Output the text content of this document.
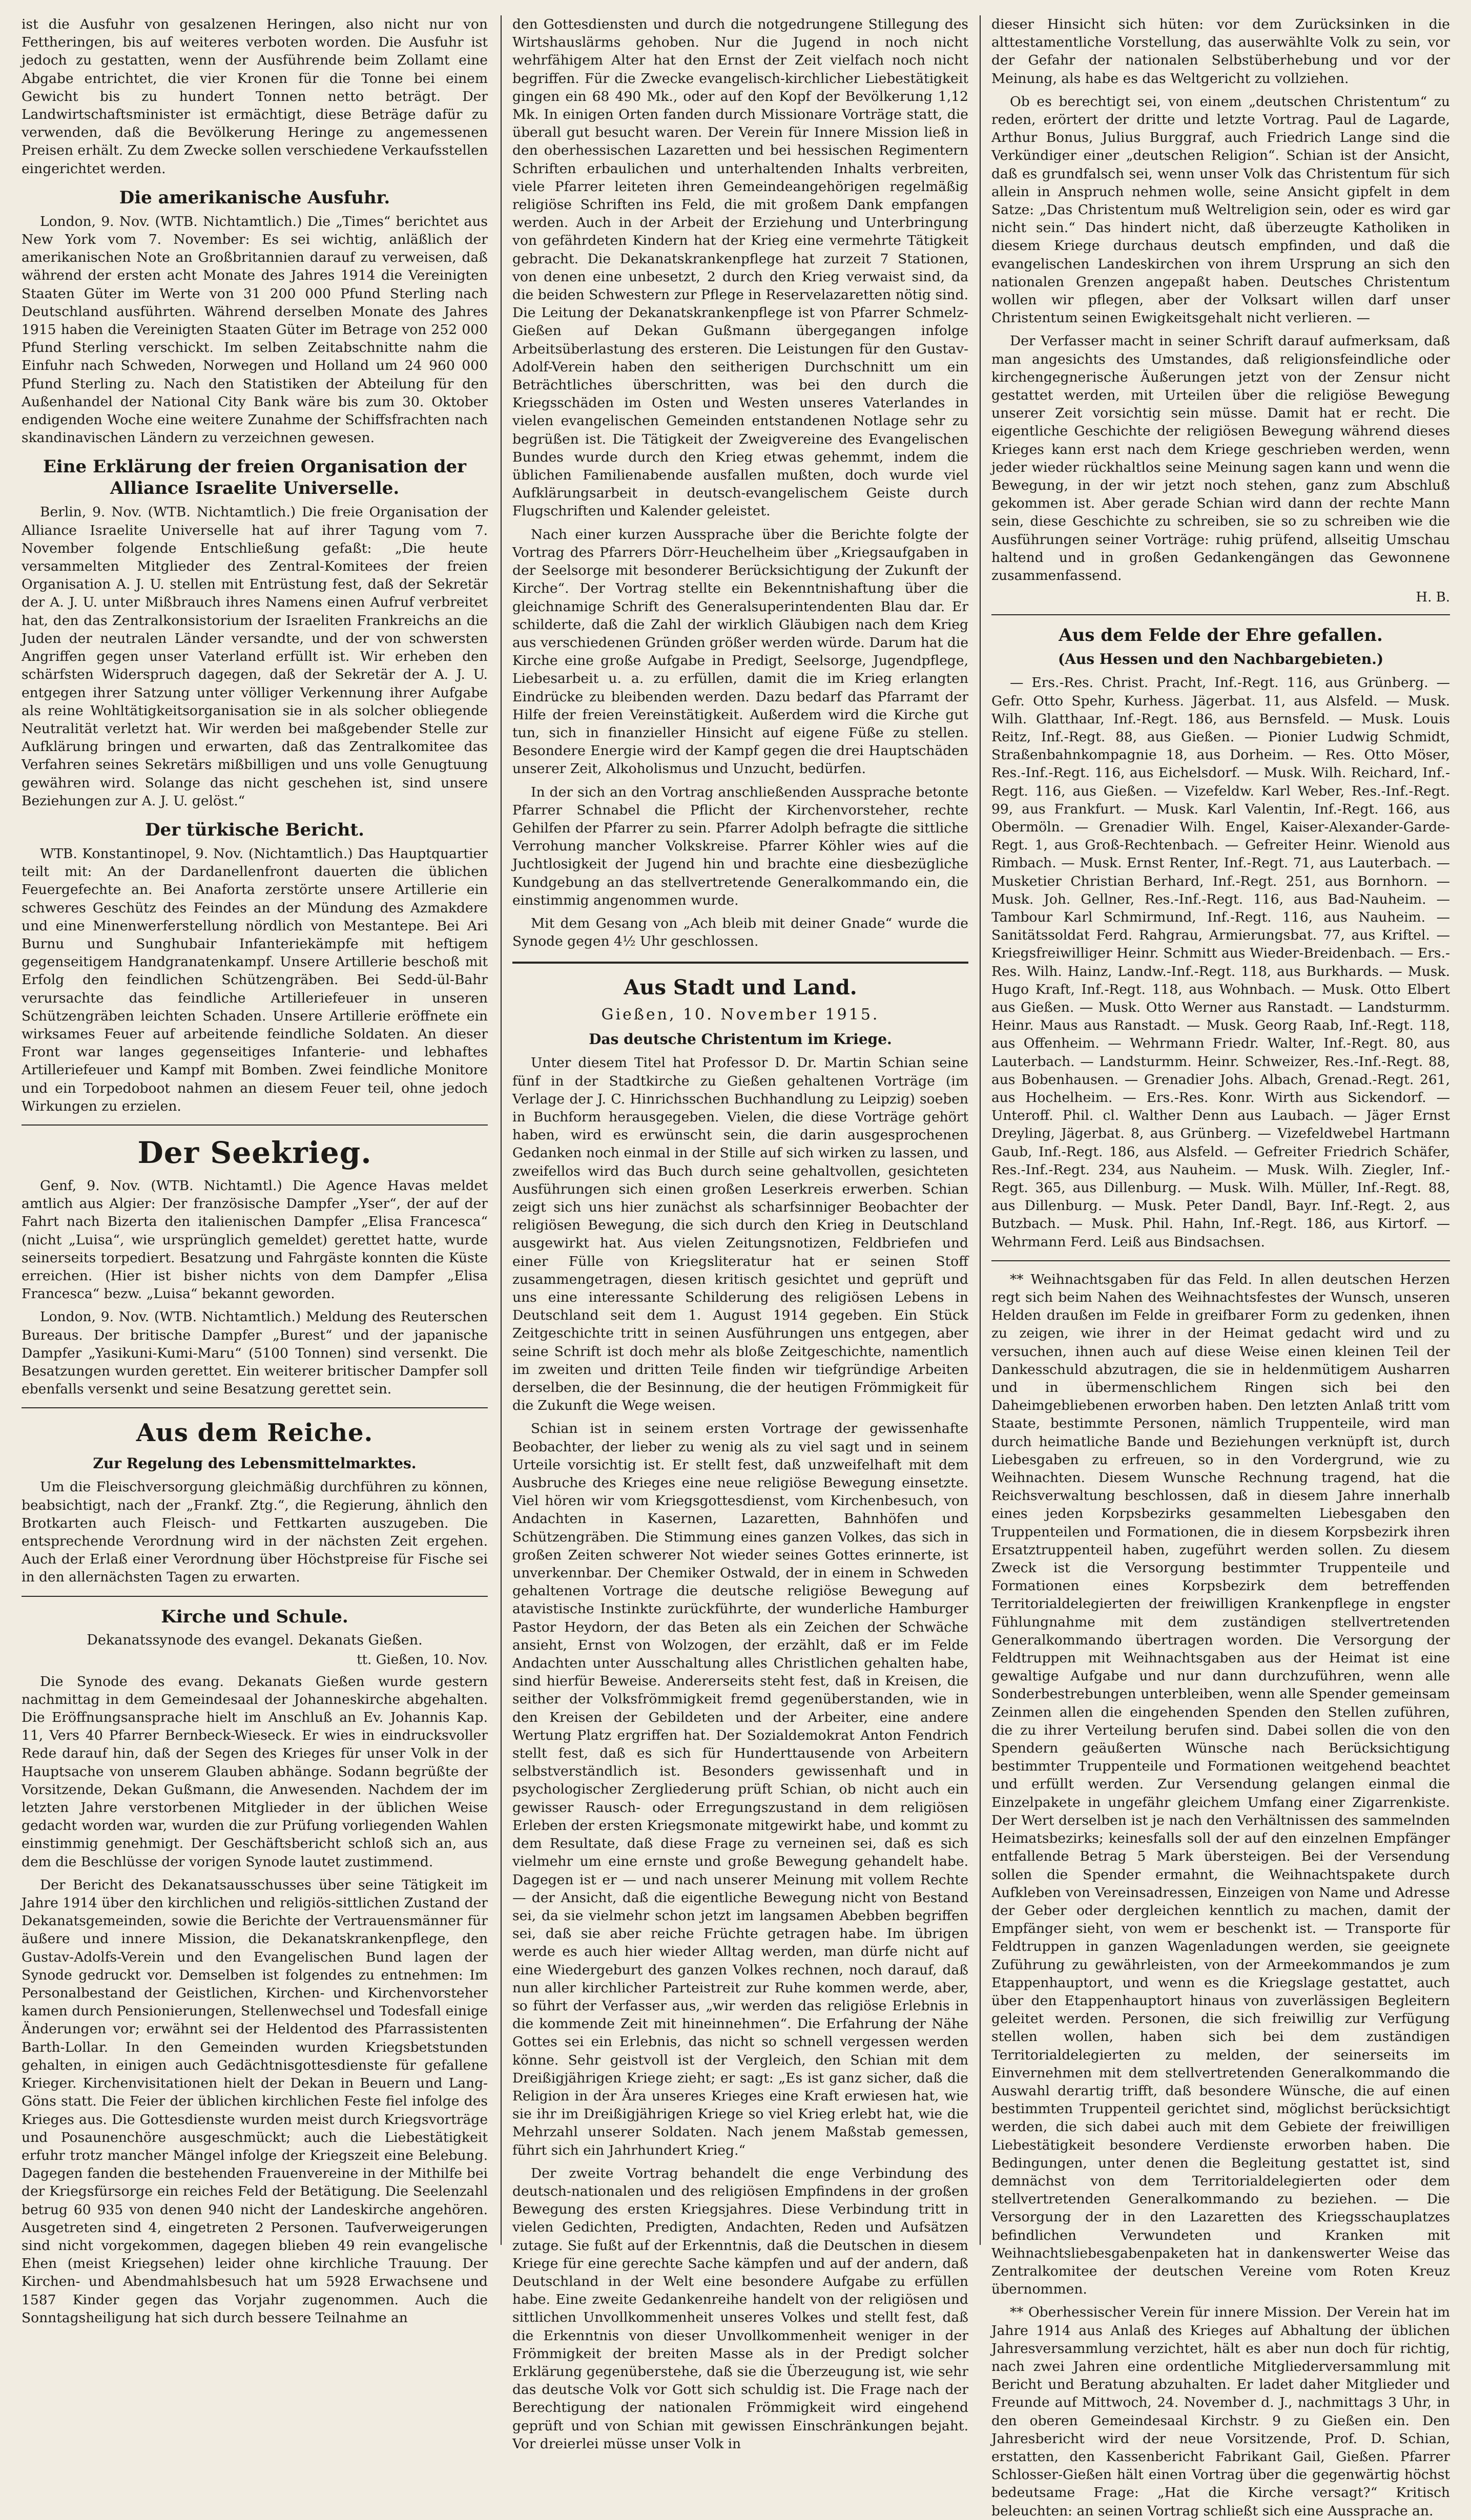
ist die Ausfuhr von gesalzenen Heringen, also nicht nur von Fettheringen, bis auf weiteres verboten worden. Die Ausfuhr ist jedoch zu gestatten, wenn der Ausführende beim Zollamt eine Abgabe entrichtet, die vier Kronen für die Tonne bei einem Gewicht bis zu hundert Tonnen netto beträgt. Der Landwirtschaftsminister ist ermächtigt, diese Beträge dafür zu verwenden, daß die Bevölkerung Heringe zu angemessenen Preisen erhält. Zu dem Zwecke sollen verschiedene Verkaufsstellen eingerichtet werden.

Die amerikanische Ausfuhr.

London, 9. Nov. (WTB. Nichtamtlich.) Die „Times“ berichtet aus New York vom 7. November: Es sei wichtig, anläßlich der amerikanischen Note an Großbritannien darauf zu verweisen, daß während der ersten acht Monate des Jahres 1914 die Vereinigten Staaten Güter im Werte von 31 200 000 Pfund Sterling nach Deutschland ausführten. Während derselben Monate des Jahres 1915 haben die Vereinigten Staaten Güter im Betrage von 252 000 Pfund Sterling verschickt. Im selben Zeitabschnitte nahm die Einfuhr nach Schweden, Norwegen und Holland um 24 960 000 Pfund Sterling zu. Nach den Statistiken der Abteilung für den Außenhandel der National City Bank wäre bis zum 30. Oktober endigenden Woche eine weitere Zunahme der Schiffsfrachten nach skandinavischen Ländern zu verzeichnen gewesen.

Eine Erklärung der freien Organisation der Alliance Israelite Universelle.

Berlin, 9. Nov. (WTB. Nichtamtlich.) Die freie Organisation der Alliance Israelite Universelle hat auf ihrer Tagung vom 7. November folgende Entschließung gefaßt: „Die heute versammelten Mitglieder des Zentral-Komitees der freien Organisation A. J. U. stellen mit Entrüstung fest, daß der Sekretär der A. J. U. unter Mißbrauch ihres Namens einen Aufruf verbreitet hat, den das Zentralkonsistorium der Israeliten Frankreichs an die Juden der neutralen Länder versandte, und der von schwersten Angriffen gegen unser Vaterland erfüllt ist. Wir erheben den schärfsten Widerspruch dagegen, daß der Sekretär der A. J. U. entgegen ihrer Satzung unter völliger Verkennung ihrer Aufgabe als reine Wohltätigkeitsorganisation sie in als solcher obliegende Neutralität verletzt hat. Wir werden bei maßgebender Stelle zur Aufklärung bringen und erwarten, daß das Zentralkomitee das Verfahren seines Sekretärs mißbilligen und uns volle Genugtuung gewähren wird. Solange das nicht geschehen ist, sind unsere Beziehungen zur A. J. U. gelöst.“

Der türkische Bericht.

WTB. Konstantinopel, 9. Nov. (Nichtamtlich.) Das Hauptquartier teilt mit: An der Dardanellenfront dauerten die üblichen Feuergefechte an. Bei Anaforta zerstörte unsere Artillerie ein schweres Geschütz des Feindes an der Mündung des Azmakdere und eine Minenwerferstellung nördlich von Mestantepe. Bei Ari Burnu und Sunghubair Infanteriekämpfe mit heftigem gegenseitigem Handgranatenkampf. Unsere Artillerie beschoß mit Erfolg den feindlichen Schützengräben. Bei Sedd-ül-Bahr verursachte das feindliche Artilleriefeuer in unseren Schützengräben leichten Schaden. Unsere Artillerie eröffnete ein wirksames Feuer auf arbeitende feindliche Soldaten. An dieser Front war langes gegenseitiges Infanterie- und lebhaftes Artilleriefeuer und Kampf mit Bomben. Zwei feindliche Monitore und ein Torpedoboot nahmen an diesem Feuer teil, ohne jedoch Wirkungen zu erzielen.

Der Seekrieg.

Genf, 9. Nov. (WTB. Nichtamtl.) Die Agence Havas meldet amtlich aus Algier: Der französische Dampfer „Yser“, der auf der Fahrt nach Bizerta den italienischen Dampfer „Elisa Francesca“ (nicht „Luisa“, wie ursprünglich gemeldet) gerettet hatte, wurde seinerseits torpediert. Besatzung und Fahrgäste konnten die Küste erreichen. (Hier ist bisher nichts von dem Dampfer „Elisa Francesca“ bezw. „Luisa“ bekannt geworden.

London, 9. Nov. (WTB. Nichtamtlich.) Meldung des Reuterschen Bureaus. Der britische Dampfer „Burest“ und der japanische Dampfer „Yasikuni-Kumi-Maru“ (5100 Tonnen) sind versenkt. Die Besatzungen wurden gerettet. Ein weiterer britischer Dampfer soll ebenfalls versenkt und seine Besatzung gerettet sein.

Aus dem Reiche.
Zur Regelung des Lebensmittelmarktes.

Um die Fleischversorgung gleichmäßig durchführen zu können, beabsichtigt, nach der „Frankf. Ztg.“, die Regierung, ähnlich den Brotkarten auch Fleisch- und Fettkarten auszugeben. Die entsprechende Verordnung wird in der nächsten Zeit ergehen. Auch der Erlaß einer Verordnung über Höchstpreise für Fische sei in den allernächsten Tagen zu erwarten.

Kirche und Schule.
Dekanatssynode des evangel. Dekanats Gießen.
tt. Gießen, 10. Nov.

Die Synode des evang. Dekanats Gießen wurde gestern nachmittag in dem Gemeindesaal der Johanneskirche abgehalten. Die Eröffnungsansprache hielt im Anschluß an Ev. Johannis Kap. 11, Vers 40 Pfarrer Bernbeck-Wieseck. Er wies in eindrucksvoller Rede darauf hin, daß der Segen des Krieges für unser Volk in der Hauptsache von unserem Glauben abhänge. Sodann begrüßte der Vorsitzende, Dekan Gußmann, die Anwesenden. Nachdem der im letzten Jahre verstorbenen Mitglieder in der üblichen Weise gedacht worden war, wurden die zur Prüfung vorliegenden Wahlen einstimmig genehmigt. Der Geschäftsbericht schloß sich an, aus dem die Beschlüsse der vorigen Synode lautet zustimmend.

Der Bericht des Dekanatsausschusses über seine Tätigkeit im Jahre 1914 über den kirchlichen und religiös-sittlichen Zustand der Dekanatsgemeinden, sowie die Berichte der Vertrauensmänner für äußere und innere Mission, die Dekanatskrankenpflege, den Gustav-Adolfs-Verein und den Evangelischen Bund lagen der Synode gedruckt vor. Demselben ist folgendes zu entnehmen: Im Personalbestand der Geistlichen, Kirchen- und Kirchenvorsteher kamen durch Pensionierungen, Stellenwechsel und Todesfall einige Änderungen vor; erwähnt sei der Heldentod des Pfarrassistenten Barth-Lollar. In den Gemeinden wurden Kriegsbetstunden gehalten, in einigen auch Gedächtnisgottesdienste für gefallene Krieger. Kirchenvisitationen hielt der Dekan in Beuern und Lang-Göns statt. Die Feier der üblichen kirchlichen Feste fiel infolge des Krieges aus. Die Gottesdienste wurden meist durch Kriegsvorträge und Posaunenchöre ausgeschmückt; auch die Liebestätigkeit erfuhr trotz mancher Mängel infolge der Kriegszeit eine Belebung. Dagegen fanden die bestehenden Frauenvereine in der Mithilfe bei der Kriegsfürsorge ein reiches Feld der Betätigung. Die Seelenzahl betrug 60 935 von denen 940 nicht der Landeskirche angehören. Ausgetreten sind 4, eingetreten 2 Personen. Taufverweigerungen sind nicht vorgekommen, dagegen blieben 49 rein evangelische Ehen (meist Kriegsehen) leider ohne kirchliche Trauung. Der Kirchen- und Abendmahlsbesuch hat um 5928 Erwachsene und 1587 Kinder gegen das Vorjahr zugenommen. Auch die Sonntagsheiligung hat sich durch bessere Teilnahme an

den Gottesdiensten und durch die notgedrungene Stillegung des Wirtshauslärms gehoben. Nur die Jugend in noch nicht wehrfähigem Alter hat den Ernst der Zeit vielfach noch nicht begriffen. Für die Zwecke evangelisch-kirchlicher Liebestätigkeit gingen ein 68 490 Mk., oder auf den Kopf der Bevölkerung 1,12 Mk. In einigen Orten fanden durch Missionare Vorträge statt, die überall gut besucht waren. Der Verein für Innere Mission ließ in den oberhessischen Lazaretten und bei hessischen Regimentern Schriften erbaulichen und unterhaltenden Inhalts verbreiten, viele Pfarrer leiteten ihren Gemeindeangehörigen regelmäßig religiöse Schriften ins Feld, die mit großem Dank empfangen werden. Auch in der Arbeit der Erziehung und Unterbringung von gefährdeten Kindern hat der Krieg eine vermehrte Tätigkeit gebracht. Die Dekanatskrankenpflege hat zurzeit 7 Stationen, von denen eine unbesetzt, 2 durch den Krieg verwaist sind, da die beiden Schwestern zur Pflege in Reservelazaretten nötig sind. Die Leitung der Dekanatskrankenpflege ist von Pfarrer Schmelz-Gießen auf Dekan Gußmann übergegangen infolge Arbeitsüberlastung des ersteren. Die Leistungen für den Gustav-Adolf-Verein haben den seitherigen Durchschnitt um ein Beträchtliches überschritten, was bei den durch die Kriegsschäden im Osten und Westen unseres Vaterlandes in vielen evangelischen Gemeinden entstandenen Notlage sehr zu begrüßen ist. Die Tätigkeit der Zweigvereine des Evangelischen Bundes wurde durch den Krieg etwas gehemmt, indem die üblichen Familienabende ausfallen mußten, doch wurde viel Aufklärungsarbeit in deutsch-evangelischem Geiste durch Flugschriften und Kalender geleistet.

Nach einer kurzen Aussprache über die Berichte folgte der Vortrag des Pfarrers Dörr-Heuchelheim über „Kriegsaufgaben in der Seelsorge mit besonderer Berücksichtigung der Zukunft der Kirche“. Der Vortrag stellte ein Bekenntnishaftung über die gleichnamige Schrift des Generalsuperintendenten Blau dar. Er schilderte, daß die Zahl der wirklich Gläubigen nach dem Krieg aus verschiedenen Gründen größer werden würde. Darum hat die Kirche eine große Aufgabe in Predigt, Seelsorge, Jugendpflege, Liebesarbeit u. a. zu erfüllen, damit die im Krieg erlangten Eindrücke zu bleibenden werden. Dazu bedarf das Pfarramt der Hilfe der freien Vereinstätigkeit. Außerdem wird die Kirche gut tun, sich in finanzieller Hinsicht auf eigene Füße zu stellen. Besondere Energie wird der Kampf gegen die drei Hauptschäden unserer Zeit, Alkoholismus und Unzucht, bedürfen.

In der sich an den Vortrag anschließenden Aussprache betonte Pfarrer Schnabel die Pflicht der Kirchenvorsteher, rechte Gehilfen der Pfarrer zu sein. Pfarrer Adolph befragte die sittliche Verrohung mancher Volkskreise. Pfarrer Köhler wies auf die Juchtlosigkeit der Jugend hin und brachte eine diesbezügliche Kundgebung an das stellvertretende Generalkommando ein, die einstimmig angenommen wurde.

Mit dem Gesang von „Ach bleib mit deiner Gnade“ wurde die Synode gegen 4½ Uhr geschlossen.

Aus Stadt und Land.
Gießen, 10. November 1915.
Das deutsche Christentum im Kriege.

Unter diesem Titel hat Professor D. Dr. Martin Schian seine fünf in der Stadtkirche zu Gießen gehaltenen Vorträge (im Verlage der J. C. Hinrichsschen Buchhandlung zu Leipzig) soeben in Buchform herausgegeben. Vielen, die diese Vorträge gehört haben, wird es erwünscht sein, die darin ausgesprochenen Gedanken noch einmal in der Stille auf sich wirken zu lassen, und zweifellos wird das Buch durch seine gehaltvollen, gesichteten Ausführungen sich einen großen Leserkreis erwerben. Schian zeigt sich uns hier zunächst als scharfsinniger Beobachter der religiösen Bewegung, die sich durch den Krieg in Deutschland ausgewirkt hat. Aus vielen Zeitungsnotizen, Feldbriefen und einer Fülle von Kriegsliteratur hat er seinen Stoff zusammengetragen, diesen kritisch gesichtet und geprüft und uns eine interessante Schilderung des religiösen Lebens in Deutschland seit dem 1. August 1914 gegeben. Ein Stück Zeitgeschichte tritt in seinen Ausführungen uns entgegen, aber seine Schrift ist doch mehr als bloße Zeitgeschichte, namentlich im zweiten und dritten Teile finden wir tiefgründige Arbeiten derselben, die der Besinnung, die der heutigen Frömmigkeit für die Zukunft die Wege weisen.

Schian ist in seinem ersten Vortrage der gewissenhafte Beobachter, der lieber zu wenig als zu viel sagt und in seinem Urteile vorsichtig ist. Er stellt fest, daß unzweifelhaft mit dem Ausbruche des Krieges eine neue religiöse Bewegung einsetzte. Viel hören wir vom Kriegsgottesdienst, vom Kirchenbesuch, von Andachten in Kasernen, Lazaretten, Bahnhöfen und Schützengräben. Die Stimmung eines ganzen Volkes, das sich in großen Zeiten schwerer Not wieder seines Gottes erinnerte, ist unverkennbar. Der Chemiker Ostwald, der in einem in Schweden gehaltenen Vortrage die deutsche religiöse Bewegung auf atavistische Instinkte zurückführte, der wunderliche Hamburger Pastor Heydorn, der das Beten als ein Zeichen der Schwäche ansieht, Ernst von Wolzogen, der erzählt, daß er im Felde Andachten unter Ausschaltung alles Christlichen gehalten habe, sind hierfür Beweise. Andererseits steht fest, daß in Kreisen, die seither der Volksfrömmigkeit fremd gegenüberstanden, wie in den Kreisen der Gebildeten und der Arbeiter, eine andere Wertung Platz ergriffen hat. Der Sozialdemokrat Anton Fendrich stellt fest, daß es sich für Hunderttausende von Arbeitern selbstverständlich ist. Besonders gewissenhaft und in psychologischer Zergliederung prüft Schian, ob nicht auch ein gewisser Rausch- oder Erregungszustand in dem religiösen Erleben der ersten Kriegsmonate mitgewirkt habe, und kommt zu dem Resultate, daß diese Frage zu verneinen sei, daß es sich vielmehr um eine ernste und große Bewegung gehandelt habe. Dagegen ist er — und nach unserer Meinung mit vollem Rechte — der Ansicht, daß die eigentliche Bewegung nicht von Bestand sei, da sie vielmehr schon jetzt im langsamen Abebben begriffen sei, daß sie aber reiche Früchte getragen habe. Im übrigen werde es auch hier wieder Alltag werden, man dürfe nicht auf eine Wiedergeburt des ganzen Volkes rechnen, noch darauf, daß nun aller kirchlicher Parteistreit zur Ruhe kommen werde, aber, so führt der Verfasser aus, „wir werden das religiöse Erlebnis in die kommende Zeit mit hineinnehmen“. Die Erfahrung der Nähe Gottes sei ein Erlebnis, das nicht so schnell vergessen werden könne. Sehr geistvoll ist der Vergleich, den Schian mit dem Dreißigjährigen Kriege zieht; er sagt: „Es ist ganz sicher, daß die Religion in der Ära unseres Krieges eine Kraft erwiesen hat, wie sie ihr im Dreißigjährigen Kriege so viel Krieg erlebt hat, wie die Mehrzahl unserer Soldaten. Nach jenem Maßstab gemessen, führt sich ein Jahrhundert Krieg.“

Der zweite Vortrag behandelt die enge Verbindung des deutsch-nationalen und des religiösen Empfindens in der großen Bewegung des ersten Kriegsjahres. Diese Verbindung tritt in vielen Gedichten, Predigten, Andachten, Reden und Aufsätzen zutage. Sie fußt auf der Erkenntnis, daß die Deutschen in diesem Kriege für eine gerechte Sache kämpfen und auf der andern, daß Deutschland in der Welt eine besondere Aufgabe zu erfüllen habe. Eine zweite Gedankenreihe handelt von der religiösen und sittlichen Unvollkommenheit unseres Volkes und stellt fest, daß die Erkenntnis von dieser Unvollkommenheit weniger in der Frömmigkeit der breiten Masse als in der Predigt solcher Erklärung gegenüberstehe, daß sie die Überzeugung ist, wie sehr das deutsche Volk vor Gott sich schuldig ist. Die Frage nach der Berechtigung der nationalen Frömmigkeit wird eingehend geprüft und von Schian mit gewissen Einschränkungen bejaht. Vor dreierlei müsse unser Volk in

dieser Hinsicht sich hüten: vor dem Zurücksinken in die alttestamentliche Vorstellung, das auserwählte Volk zu sein, vor der Gefahr der nationalen Selbstüberhebung und vor der Meinung, als habe es das Weltgericht zu vollziehen.

Ob es berechtigt sei, von einem „deutschen Christentum“ zu reden, erörtert der dritte und letzte Vortrag. Paul de Lagarde, Arthur Bonus, Julius Burggraf, auch Friedrich Lange sind die Verkündiger einer „deutschen Religion“. Schian ist der Ansicht, daß es grundfalsch sei, wenn unser Volk das Christentum für sich allein in Anspruch nehmen wolle, seine Ansicht gipfelt in dem Satze: „Das Christentum muß Weltreligion sein, oder es wird gar nicht sein.“ Das hindert nicht, daß überzeugte Katholiken in diesem Kriege durchaus deutsch empfinden, und daß die evangelischen Landeskirchen von ihrem Ursprung an sich den nationalen Grenzen angepaßt haben. Deutsches Christentum wollen wir pflegen, aber der Volksart willen darf unser Christentum seinen Ewigkeitsgehalt nicht verlieren. —

Der Verfasser macht in seiner Schrift darauf aufmerksam, daß man angesichts des Umstandes, daß religionsfeindliche oder kirchengegnerische Äußerungen jetzt von der Zensur nicht gestattet werden, mit Urteilen über die religiöse Bewegung unserer Zeit vorsichtig sein müsse. Damit hat er recht. Die eigentliche Geschichte der religiösen Bewegung während dieses Krieges kann erst nach dem Kriege geschrieben werden, wenn jeder wieder rückhaltlos seine Meinung sagen kann und wenn die Bewegung, in der wir jetzt noch stehen, ganz zum Abschluß gekommen ist. Aber gerade Schian wird dann der rechte Mann sein, diese Geschichte zu schreiben, sie so zu schreiben wie die Ausführungen seiner Vorträge: ruhig prüfend, allseitig Umschau haltend und in großen Gedankengängen das Gewonnene zusammenfassend.

H. B.
Aus dem Felde der Ehre gefallen.
(Aus Hessen und den Nachbargebieten.)

— Ers.-Res. Christ. Pracht, Inf.-Regt. 116, aus Grünberg. — Gefr. Otto Spehr, Kurhess. Jägerbat. 11, aus Alsfeld. — Musk. Wilh. Glatthaar, Inf.-Regt. 186, aus Bernsfeld. — Musk. Louis Reitz, Inf.-Regt. 88, aus Gießen. — Pionier Ludwig Schmidt, Straßenbahnkompagnie 18, aus Dorheim. — Res. Otto Möser, Res.-Inf.-Regt. 116, aus Eichelsdorf. — Musk. Wilh. Reichard, Inf.-Regt. 116, aus Gießen. — Vizefeldw. Karl Weber, Res.-Inf.-Regt. 99, aus Frankfurt. — Musk. Karl Valentin, Inf.-Regt. 166, aus Obermöln. — Grenadier Wilh. Engel, Kaiser-Alexander-Garde-Regt. 1, aus Groß-Rechtenbach. — Gefreiter Heinr. Wienold aus Rimbach. — Musk. Ernst Renter, Inf.-Regt. 71, aus Lauterbach. — Musketier Christian Berhard, Inf.-Regt. 251, aus Bornhorn. — Musk. Joh. Gellner, Res.-Inf.-Regt. 116, aus Bad-Nauheim. — Tambour Karl Schmirmund, Inf.-Regt. 116, aus Nauheim. — Sanitätssoldat Ferd. Rahgrau, Armierungsbat. 77, aus Kriftel. — Kriegsfreiwilliger Heinr. Schmitt aus Wieder-Breidenbach. — Ers.-Res. Wilh. Hainz, Landw.-Inf.-Regt. 118, aus Burkhards. — Musk. Hugo Kraft, Inf.-Regt. 118, aus Wohnbach. — Musk. Otto Elbert aus Gießen. — Musk. Otto Werner aus Ranstadt. — Landsturmm. Heinr. Maus aus Ranstadt. — Musk. Georg Raab, Inf.-Regt. 118, aus Offenheim. — Wehrmann Friedr. Walter, Inf.-Regt. 80, aus Lauterbach. — Landsturmm. Heinr. Schweizer, Res.-Inf.-Regt. 88, aus Bobenhausen. — Grenadier Johs. Albach, Grenad.-Regt. 261, aus Hochelheim. — Ers.-Res. Konr. Wirth aus Sickendorf. — Unteroff. Phil. cl. Walther Denn aus Laubach. — Jäger Ernst Dreyling, Jägerbat. 8, aus Grünberg. — Vizefeldwebel Hartmann Gaub, Inf.-Regt. 186, aus Alsfeld. — Gefreiter Friedrich Schäfer, Res.-Inf.-Regt. 234, aus Nauheim. — Musk. Wilh. Ziegler, Inf.-Regt. 365, aus Dillenburg. — Musk. Wilh. Müller, Inf.-Regt. 88, aus Dillenburg. — Musk. Peter Dandl, Bayr. Inf.-Regt. 2, aus Butzbach. — Musk. Phil. Hahn, Inf.-Regt. 186, aus Kirtorf. — Wehrmann Ferd. Leiß aus Bindsachsen.

** Weihnachtsgaben für das Feld. In allen deutschen Herzen regt sich beim Nahen des Weihnachtsfestes der Wunsch, unseren Helden draußen im Felde in greifbarer Form zu gedenken, ihnen zu zeigen, wie ihrer in der Heimat gedacht wird und zu versuchen, ihnen auch auf diese Weise einen kleinen Teil der Dankesschuld abzutragen, die sie in heldenmütigem Ausharren und in übermenschlichem Ringen sich bei den Daheimgebliebenen erworben haben. Den letzten Anlaß tritt vom Staate, bestimmte Personen, nämlich Truppenteile, wird man durch heimatliche Bande und Beziehungen verknüpft ist, durch Liebesgaben zu erfreuen, so in den Vordergrund, wie zu Weihnachten. Diesem Wunsche Rechnung tragend, hat die Reichsverwaltung beschlossen, daß in diesem Jahre innerhalb eines jeden Korpsbezirks gesammelten Liebesgaben den Truppenteilen und Formationen, die in diesem Korpsbezirk ihren Ersatztruppenteil haben, zugeführt werden sollen. Zu diesem Zweck ist die Versorgung bestimmter Truppenteile und Formationen eines Korpsbezirk dem betreffenden Territorialdelegierten der freiwilligen Krankenpflege in engster Fühlungnahme mit dem zuständigen stellvertretenden Generalkommando übertragen worden. Die Versorgung der Feldtruppen mit Weihnachtsgaben aus der Heimat ist eine gewaltige Aufgabe und nur dann durchzuführen, wenn alle Sonderbestrebungen unterbleiben, wenn alle Spender gemeinsam Zeinmen allen die eingehenden Spenden den Stellen zuführen, die zu ihrer Verteilung berufen sind. Dabei sollen die von den Spendern geäußerten Wünsche nach Berücksichtigung bestimmter Truppenteile und Formationen weitgehend beachtet und erfüllt werden. Zur Versendung gelangen einmal die Einzelpakete in ungefähr gleichem Umfang einer Zigarrenkiste. Der Wert derselben ist je nach den Verhältnissen des sammelnden Heimatsbezirks; keinesfalls soll der auf den einzelnen Empfänger entfallende Betrag 5 Mark übersteigen. Bei der Versendung sollen die Spender ermahnt, die Weihnachtspakete durch Aufkleben von Vereinsadressen, Einzeigen von Name und Adresse der Geber oder dergleichen kenntlich zu machen, damit der Empfänger sieht, von wem er beschenkt ist. — Transporte für Feldtruppen in ganzen Wagenladungen werden, sie geeignete Zuführung zu gewährleisten, von der Armeekommandos je zum Etappenhauptort, und wenn es die Kriegslage gestattet, auch über den Etappenhauptort hinaus von zuverlässigen Begleitern geleitet werden. Personen, die sich freiwillig zur Verfügung stellen wollen, haben sich bei dem zuständigen Territorialdelegierten zu melden, der seinerseits im Einvernehmen mit dem stellvertretenden Generalkommando die Auswahl derartig trifft, daß besondere Wünsche, die auf einen bestimmten Truppenteil gerichtet sind, möglichst berücksichtigt werden, die sich dabei auch mit dem Gebiete der freiwilligen Liebestätigkeit besondere Verdienste erworben haben. Die Bedingungen, unter denen die Begleitung gestattet ist, sind demnächst von dem Territorialdelegierten oder dem stellvertretenden Generalkommando zu beziehen. — Die Versorgung der in den Lazaretten des Kriegsschauplatzes befindlichen Verwundeten und Kranken mit Weihnachtsliebesgabenpaketen hat in dankenswerter Weise das Zentralkomitee der deutschen Vereine vom Roten Kreuz übernommen.

** Oberhessischer Verein für innere Mission. Der Verein hat im Jahre 1914 aus Anlaß des Krieges auf Abhaltung der üblichen Jahresversammlung verzichtet, hält es aber nun doch für richtig, nach zwei Jahren eine ordentliche Mitgliederversammlung mit Bericht und Beratung abzuhalten. Er ladet daher Mitglieder und Freunde auf Mittwoch, 24. November d. J., nachmittags 3 Uhr, in den oberen Gemeindesaal Kirchstr. 9 zu Gießen ein. Den Jahresbericht wird der neue Vorsitzende, Prof. D. Schian, erstatten, den Kassenbericht Fabrikant Gail, Gießen. Pfarrer Schlosser-Gießen hält einen Vortrag über die gegenwärtig höchst bedeutsame Frage: „Hat die Kirche versagt?“ Kritisch beleuchten: an seinen Vortrag schließt sich eine Aussprache an.
